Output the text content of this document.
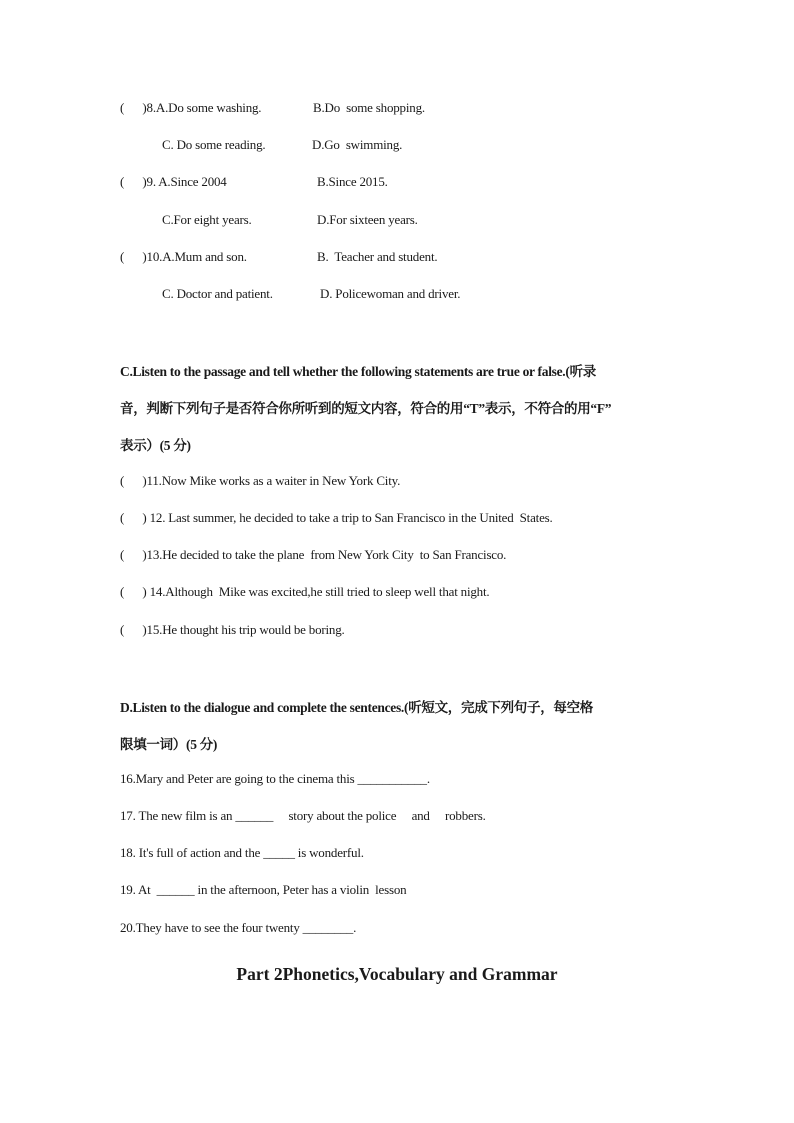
(      )8.A.Do some washing.	B.Do  some shopping.
C. Do some reading.	D.Go  swimming.
(      )9. A.Since 2004	B.Since 2015.
C.For eight years.	D.For sixteen years.
(      )10.A.Mum and son.	B.  Teacher and student.
C. Doctor and patient.	D. Policewoman and driver.
C.Listen to the passage and tell whether the following statements are true or false.(听录
音，判断下列句子是否符合你所听到的短文内容，符合的用“T”表示，不符合的用“F”
表示）(5 分)
(      )11.Now Mike works as a waiter in New York City.
(      ) 12. Last summer, he decided to take a trip to San Francisco in the United  States.
(      )13.He decided to take the plane  from New York City  to San Francisco.
(      ) 14.Although  Mike was excited,he still tried to sleep well that night.
(      )15.He thought his trip would be boring.
D.Listen to the dialogue and complete the sentences.(听短文，完成下列句子，每空格
限填一词）(5 分)
16.Mary and Peter are going to the cinema this ___________.
17. The new film is an ______     story about the police     and     robbers.
18. It's full of action and the _____ is wonderful.
19. At  ______ in the afternoon, Peter has a violin  lesson
20.They have to see the four twenty ________.
Part 2Phonetics,Vocabulary and Grammar
